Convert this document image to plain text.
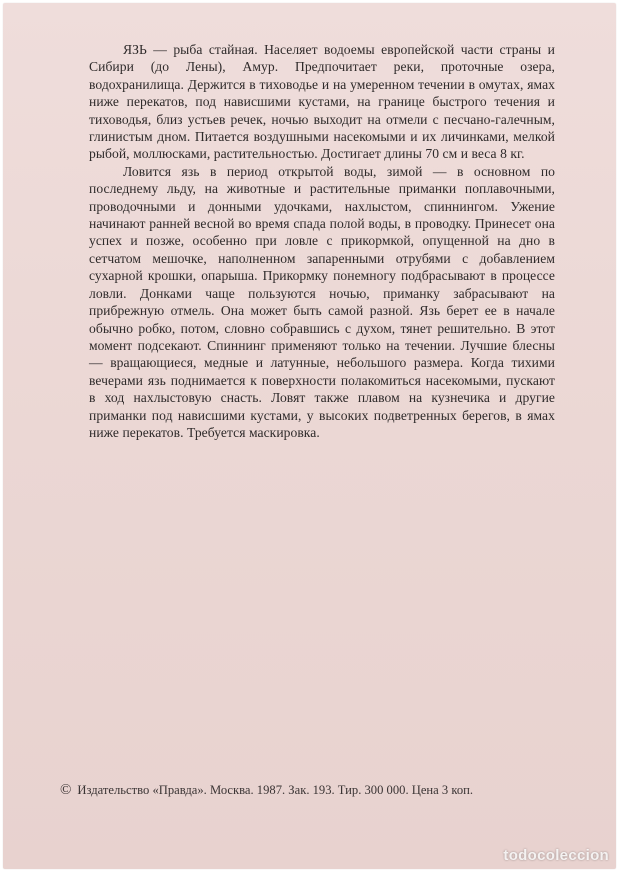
ЯЗЬ — рыба стайная. Населяет водоемы европейской части страны и Сибири (до Лены), Амур. Предпочитает реки, проточные озера, водохранилища. Держится в тиховодье и на умеренном течении в омутах, ямах ниже перекатов, под нависшими кустами, на границе быстрого течения и тиховодья, близ устьев речек, ночью выходит на отмели с песчано-галечным, глинистым дном. Питается воздушными насекомыми и их личинками, мелкой рыбой, моллюсками, растительностью. Достигает длины 70 см и веса 8 кг.

Ловится язь в период открытой воды, зимой — в основном по последнему льду, на животные и растительные приманки поплавочными, проводочными и донными удочками, нахлыстом, спиннингом. Ужение начинают ранней весной во время спада полой воды, в проводку. Принесет она успех и позже, особенно при ловле с прикормкой, опущенной на дно в сетчатом мешочке, наполненном запаренными отрубями с добавлением сухарной крошки, опарыша. Прикормку понемногу подбрасывают в процессе ловли. Донками чаще пользуются ночью, приманку забрасывают на прибрежную отмель. Она может быть самой разной. Язь берет ее в начале обычно робко, потом, словно собравшись с духом, тянет решительно. В этот момент подсекают. Спиннинг применяют только на течении. Лучшие блесны — вращающиеся, медные и латунные, небольшого размера. Когда тихими вечерами язь поднимается к поверхности полакомиться насекомыми, пускают в ход нахлыстовую снасть. Ловят также плавом на кузнечика и другие приманки под нависшими кустами, у высоких подветренных берегов, в ямах ниже перекатов. Требуется маскировка.

© Издательство «Правда». Москва. 1987. Зак. 193. Тир. 300 000. Цена 3 коп.
todocoleccion
